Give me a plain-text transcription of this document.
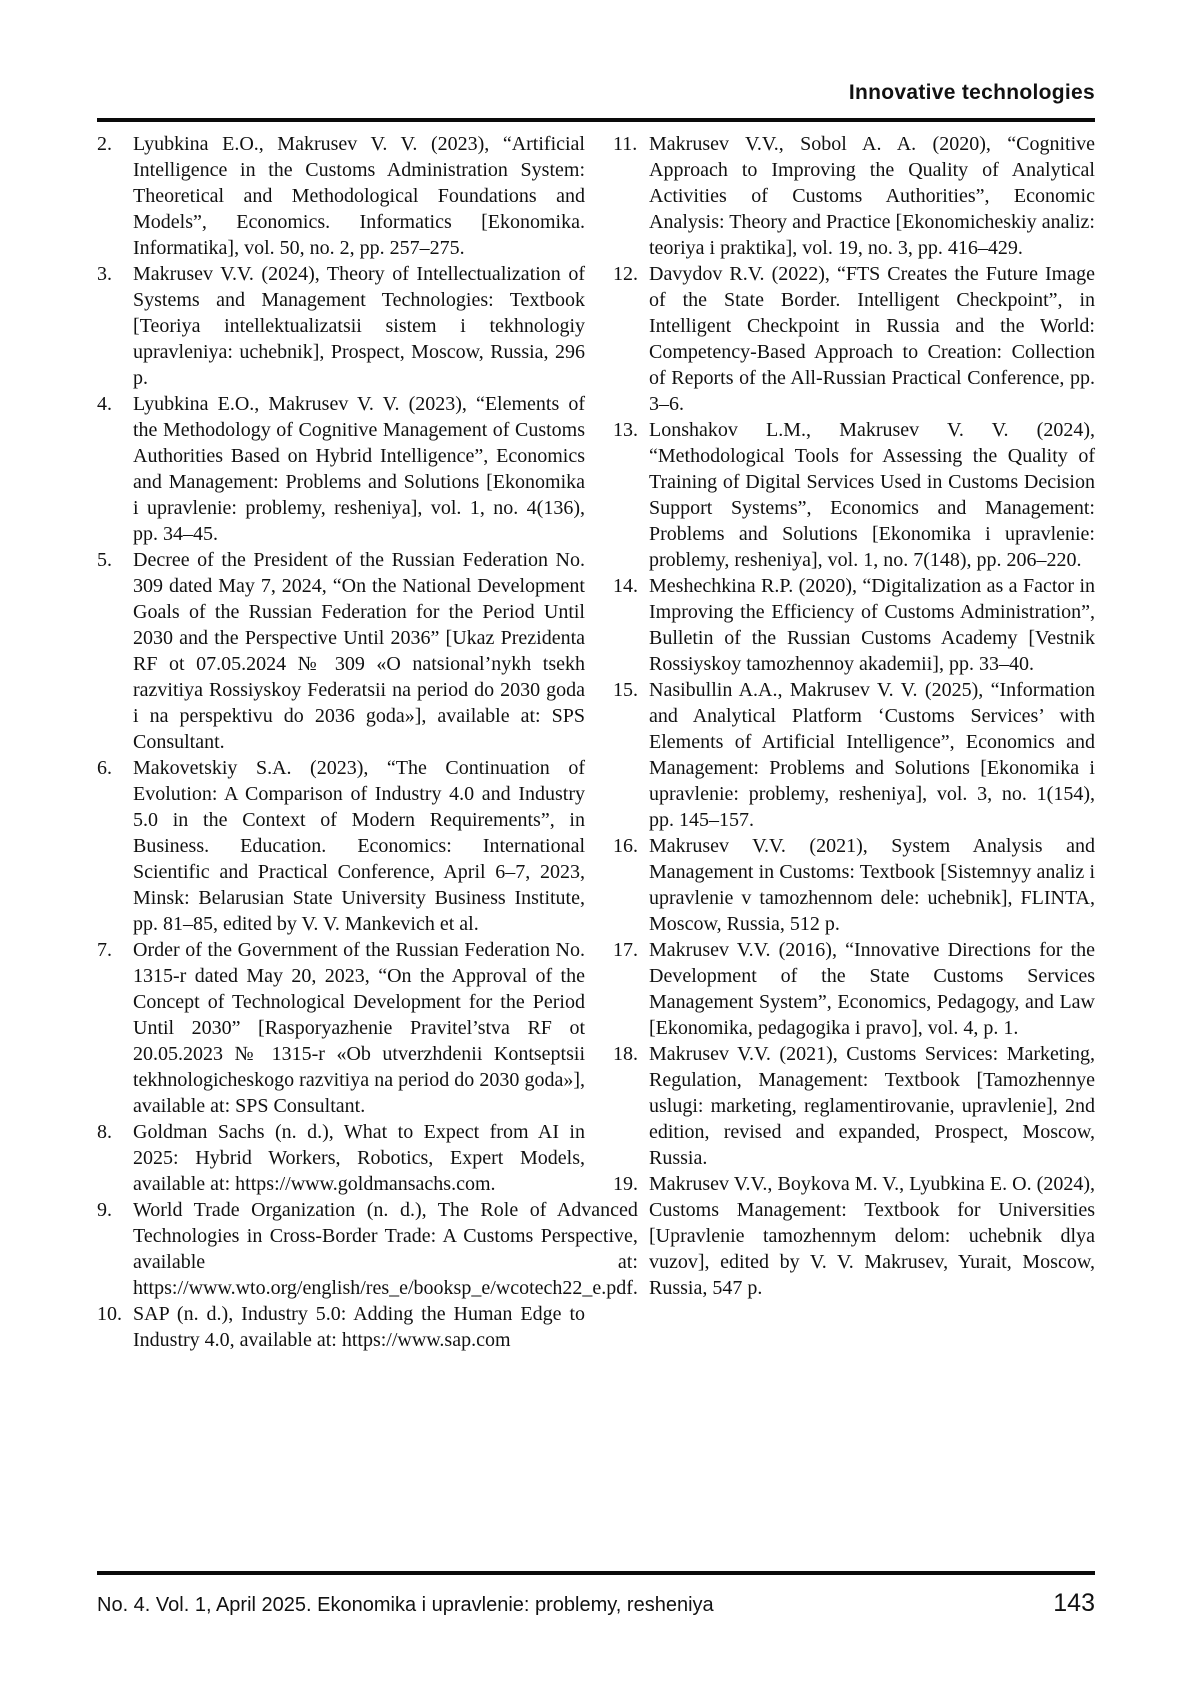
Innovative technologies
2.	Lyubkina E.O., Makrusev V. V. (2023), “Artificial Intelligence in the Customs Administration System: Theoretical and Methodological Foundations and Models”, Economics. Informatics [Ekonomika. Informatika], vol. 50, no. 2, pp. 257–275.
3.	Makrusev V.V. (2024), Theory of Intellectualization of Systems and Management Technologies: Textbook [Teoriya intellektualizatsii sistem i tekhnologiy upravleniya: uchebnik], Prospect, Moscow, Russia, 296 p.
4.	Lyubkina E.O., Makrusev V. V. (2023), “Elements of the Methodology of Cognitive Management of Customs Authorities Based on Hybrid Intelligence”, Economics and Management: Problems and Solutions [Ekonomika i upravlenie: problemy, resheniya], vol. 1, no. 4(136), pp. 34–45.
5.	Decree of the President of the Russian Federation No. 309 dated May 7, 2024, “On the National Development Goals of the Russian Federation for the Period Until 2030 and the Perspective Until 2036” [Ukaz Prezidenta RF ot 07.05.2024 № 309 «O natsional’nykh tsekh razvitiya Rossiyskoy Federatsii na period do 2030 goda i na perspektivu do 2036 goda»], available at: SPS Consultant.
6.	Makovetskiy S.A. (2023), “The Continuation of Evolution: A Comparison of Industry 4.0 and Industry 5.0 in the Context of Modern Requirements”, in Business. Education. Economics: International Scientific and Practical Conference, April 6–7, 2023, Minsk: Belarusian State University Business Institute, pp. 81–85, edited by V. V. Mankevich et al.
7.	Order of the Government of the Russian Federation No. 1315-r dated May 20, 2023, “On the Approval of the Concept of Technological Development for the Period Until 2030” [Rasporyazhenie Pravitel’stva RF ot 20.05.2023 № 1315-r «Ob utverzhdenii Kontseptsii tekhnologicheskogo razvitiya na period do 2030 goda»], available at: SPS Consultant.
8.	Goldman Sachs (n. d.), What to Expect from AI in 2025: Hybrid Workers, Robotics, Expert Models, available at: https://www.goldmansachs.com.
9.	World Trade Organization (n. d.), The Role of Advanced Technologies in Cross-Border Trade: A Customs Perspective, available at: https://www.wto.org/english/res_e/booksp_e/wcotech22_e.pdf.
10. SAP (n. d.), Industry 5.0: Adding the Human Edge to Industry 4.0, available at: https://www.sap.com
11. Makrusev V.V., Sobol A. A. (2020), “Cognitive Approach to Improving the Quality of Analytical Activities of Customs Authorities”, Economic Analysis: Theory and Practice [Ekonomicheskiy analiz: teoriya i praktika], vol. 19, no. 3, pp. 416–429.
12. Davydov R.V. (2022), “FTS Creates the Future Image of the State Border. Intelligent Checkpoint”, in Intelligent Checkpoint in Russia and the World: Competency-Based Approach to Creation: Collection of Reports of the All-Russian Practical Conference, pp. 3–6.
13. Lonshakov L.M., Makrusev V. V. (2024), “Methodological Tools for Assessing the Quality of Training of Digital Services Used in Customs Decision Support Systems”, Economics and Management: Problems and Solutions [Ekonomika i upravlenie: problemy, resheniya], vol. 1, no. 7(148), pp. 206–220.
14. Meshechkina R.P. (2020), “Digitalization as a Factor in Improving the Efficiency of Customs Administration”, Bulletin of the Russian Customs Academy [Vestnik Rossiyskoy tamozhennoy akademii], pp. 33–40.
15. Nasibullin A.A., Makrusev V. V. (2025), “Information and Analytical Platform ‘Customs Services’ with Elements of Artificial Intelligence”, Economics and Management: Problems and Solutions [Ekonomika i upravlenie: problemy, resheniya], vol. 3, no. 1(154), pp. 145–157.
16. Makrusev V.V. (2021), System Analysis and Management in Customs: Textbook [Sistemnyy analiz i upravlenie v tamozhennom dele: uchebnik], FLINTA, Moscow, Russia, 512 p.
17. Makrusev V.V. (2016), “Innovative Directions for the Development of the State Customs Services Management System”, Economics, Pedagogy, and Law [Ekonomika, pedagogika i pravo], vol. 4, p. 1.
18. Makrusev V.V. (2021), Customs Services: Marketing, Regulation, Management: Textbook [Tamozhennye uslugi: marketing, reglamentirovanie, upravlenie], 2nd edition, revised and expanded, Prospect, Moscow, Russia.
19. Makrusev V.V., Boykova M. V., Lyubkina E. O. (2024), Customs Management: Textbook for Universities [Upravlenie tamozhennym delom: uchebnik dlya vuzov], edited by V. V. Makrusev, Yurait, Moscow, Russia, 547 p.
No. 4. Vol. 1, April 2025. Ekonomika i upravlenie: problemy, resheniya	143
